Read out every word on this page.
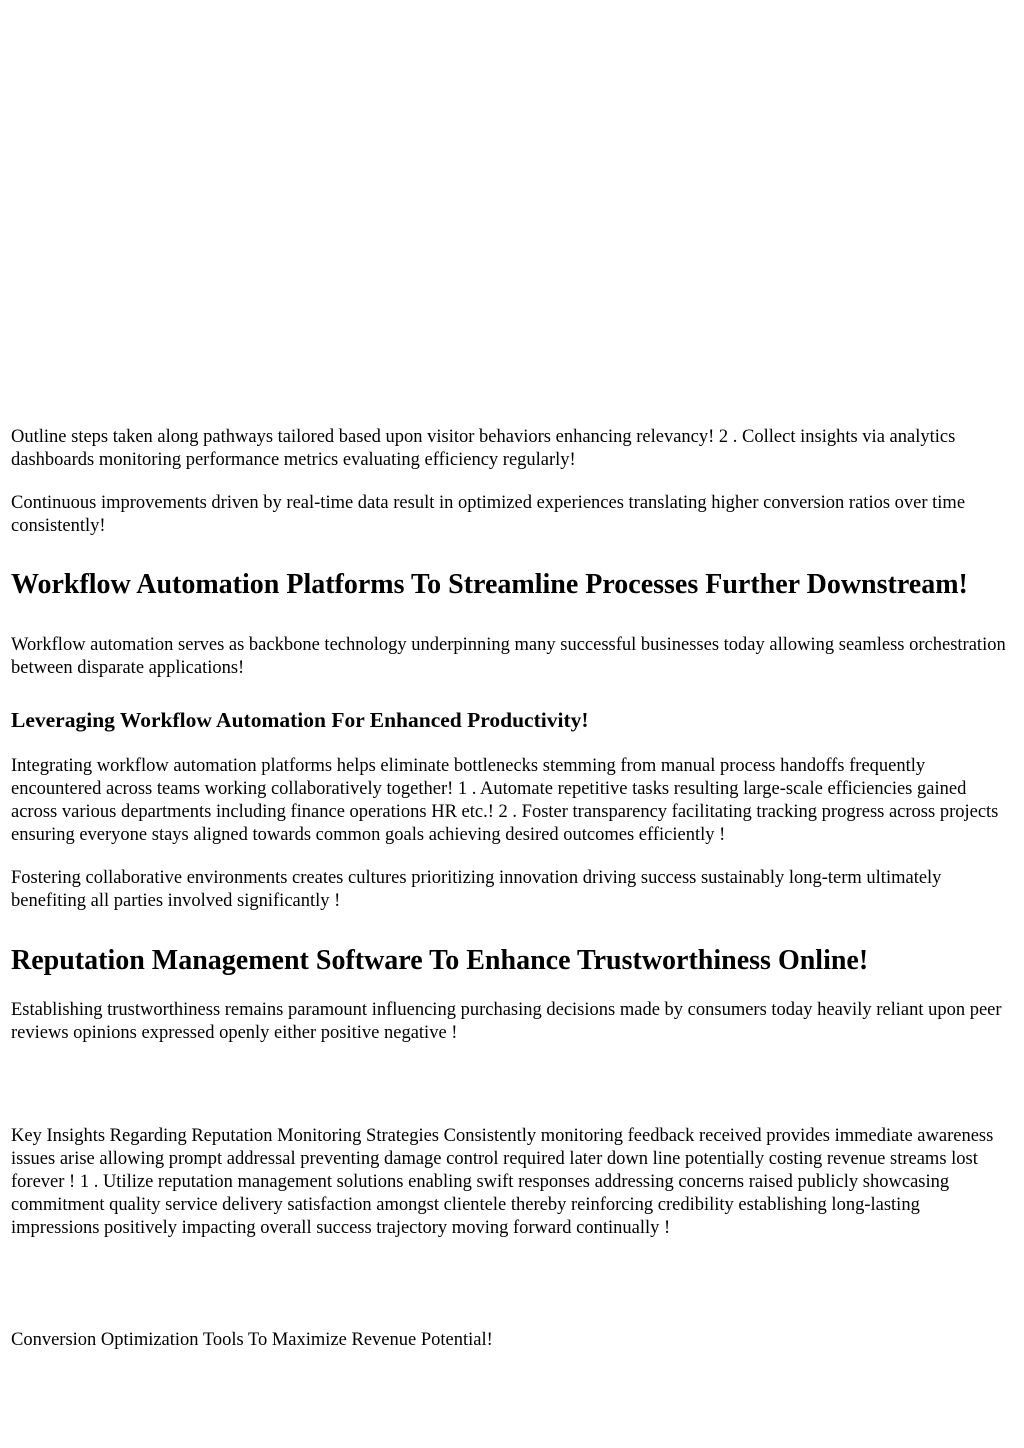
Outline steps taken along pathways tailored based upon visitor behaviors enhancing relevancy! 2 . Collect insights via analytics dashboards monitoring performance metrics evaluating efficiency regularly!

Continuous improvements driven by real-time data result in optimized experiences translating higher conversion ratios over time consistently!

Workflow Automation Platforms To Streamline Processes Further Downstream!

Workflow automation serves as backbone technology underpinning many successful businesses today allowing seamless orchestration between disparate applications!

Leveraging Workflow Automation For Enhanced Productivity!

Integrating workflow automation platforms helps eliminate bottlenecks stemming from manual process handoffs frequently encountered across teams working collaboratively together! 1 . Automate repetitive tasks resulting large-scale efficiencies gained across various departments including finance operations HR etc.! 2 . Foster transparency facilitating tracking progress across projects ensuring everyone stays aligned towards common goals achieving desired outcomes efficiently !

Fostering collaborative environments creates cultures prioritizing innovation driving success sustainably long-term ultimately benefiting all parties involved significantly !

Reputation Management Software To Enhance Trustworthiness Online!

Establishing trustworthiness remains paramount influencing purchasing decisions made by consumers today heavily reliant upon peer reviews opinions expressed openly either positive negative !

Key Insights Regarding Reputation Monitoring Strategies Consistently monitoring feedback received provides immediate awareness issues arise allowing prompt addressal preventing damage control required later down line potentially costing revenue streams lost forever ! 1 . Utilize reputation management solutions enabling swift responses addressing concerns raised publicly showcasing commitment quality service delivery satisfaction amongst clientele thereby reinforcing credibility establishing long-lasting impressions positively impacting overall success trajectory moving forward continually !

Conversion Optimization Tools To Maximize Revenue Potential!
